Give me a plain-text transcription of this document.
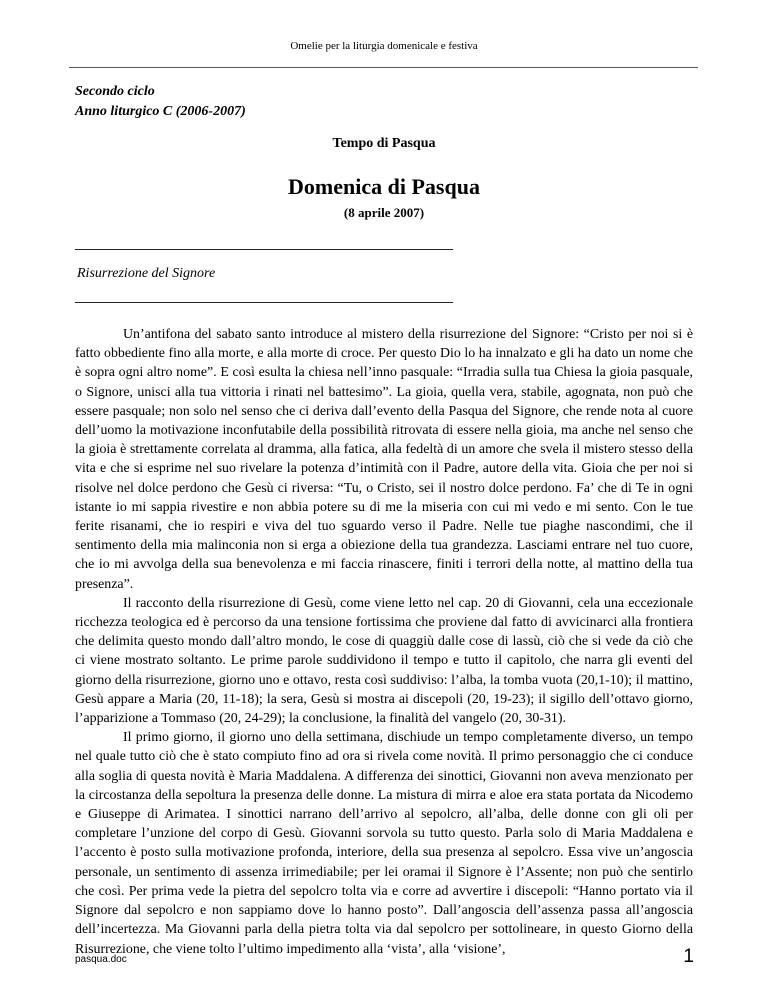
Omelie per la liturgia domenicale e festiva
Secondo ciclo
Anno liturgico C (2006-2007)
Tempo di Pasqua
Domenica di Pasqua
(8 aprile 2007)
Risurrezione del Signore

Un’antifona del sabato santo introduce al mistero della risurrezione del Signore: “Cristo per noi si è fatto obbediente fino alla morte, e alla morte di croce. Per questo Dio lo ha innalzato e gli ha dato un nome che è sopra ogni altro nome”. E così esulta la chiesa nell’inno pasquale: “Irradia sulla tua Chiesa la gioia pasquale, o Signore, unisci alla tua vittoria i rinati nel battesimo”. La gioia, quella vera, stabile, agognata, non può che essere pasquale; non solo nel senso che ci deriva dall’evento della Pasqua del Signore, che rende nota al cuore dell’uomo la motivazione inconfutabile della possibilità ritrovata di essere nella gioia, ma anche nel senso che la gioia è strettamente correlata al dramma, alla fatica, alla fedeltà di un amore che svela il mistero stesso della vita e che si esprime nel suo rivelare la potenza d’intimità con il Padre, autore della vita. Gioia che per noi si risolve nel dolce perdono che Gesù ci riversa: “Tu, o Cristo, sei il nostro dolce perdono. Fa’ che di Te in ogni istante io mi sappia rivestire e non abbia potere su di me la miseria con cui mi vedo e mi sento. Con le tue ferite risanami, che io respiri e viva del tuo sguardo verso il Padre. Nelle tue piaghe nascondimi, che il sentimento della mia malinconia non si erga a obiezione della tua grandezza. Lasciami entrare nel tuo cuore, che io mi avvolga della sua benevolenza e mi faccia rinascere, finiti i terrori della notte, al mattino della tua presenza”.

Il racconto della risurrezione di Gesù, come viene letto nel cap. 20 di Giovanni, cela una eccezionale ricchezza teologica ed è percorso da una tensione fortissima che proviene dal fatto di avvicinarci alla frontiera che delimita questo mondo dall’altro mondo, le cose di quaggiù dalle cose di lassù, ciò che si vede da ciò che ci viene mostrato soltanto. Le prime parole suddividono il tempo e tutto il capitolo, che narra gli eventi del giorno della risurrezione, giorno uno e ottavo, resta così suddiviso: l’alba, la tomba vuota (20,1-10); il mattino, Gesù appare a Maria (20, 11-18); la sera, Gesù si mostra ai discepoli (20, 19-23); il sigillo dell’ottavo giorno, l’apparizione a Tommaso (20, 24-29); la conclusione, la finalità del vangelo (20, 30-31).

Il primo giorno, il giorno uno della settimana, dischiude un tempo completamente diverso, un tempo nel quale tutto ciò che è stato compiuto fino ad ora si rivela come novità. Il primo personaggio che ci conduce alla soglia di questa novità è Maria Maddalena. A differenza dei sinottici, Giovanni non aveva menzionato per la circostanza della sepoltura la presenza delle donne. La mistura di mirra e aloe era stata portata da Nicodemo e Giuseppe di Arimatea. I sinottici narrano dell’arrivo al sepolcro, all’alba, delle donne con gli oli per completare l’unzione del corpo di Gesù. Giovanni sorvola su tutto questo. Parla solo di Maria Maddalena e l’accento è posto sulla motivazione profonda, interiore, della sua presenza al sepolcro. Essa vive un’angoscia personale, un sentimento di assenza irrimediabile; per lei oramai il Signore è l’Assente; non può che sentirlo che così. Per prima vede la pietra del sepolcro tolta via e corre ad avvertire i discepoli: “Hanno portato via il Signore dal sepolcro e non sappiamo dove lo hanno posto”. Dall’angoscia dell’assenza passa all’angoscia dell’incertezza. Ma Giovanni parla della pietra tolta via dal sepolcro per sottolineare, in questo Giorno della Risurrezione, che viene tolto l’ultimo impedimento alla ‘vista’, alla ‘visione’,

pasqua.doc	1
